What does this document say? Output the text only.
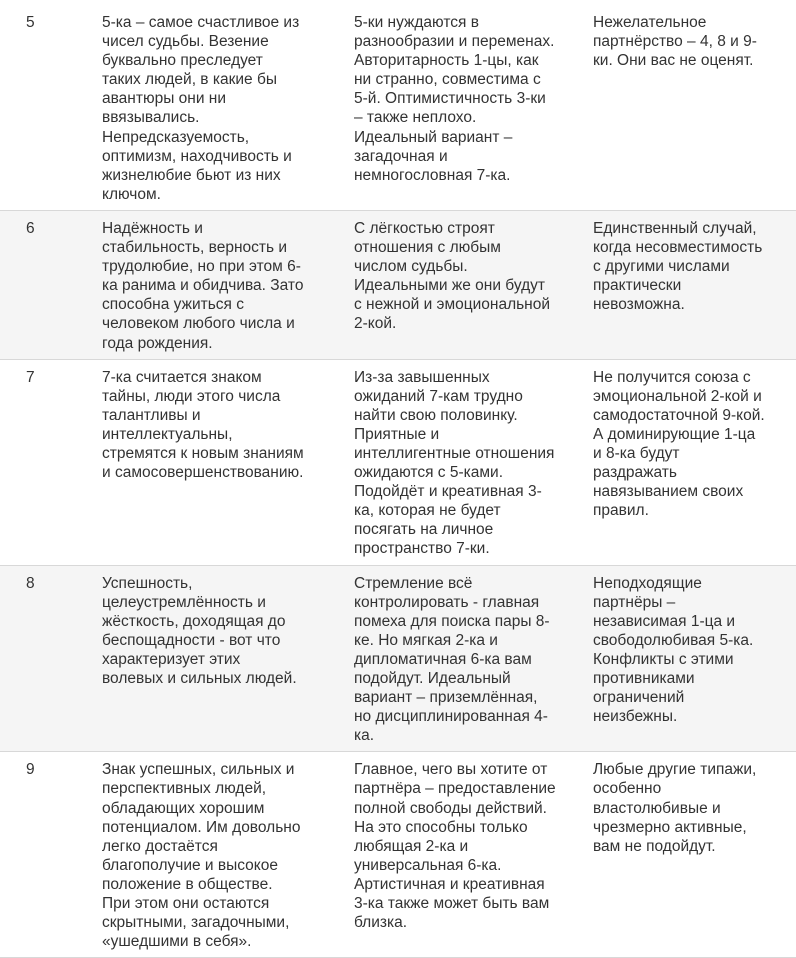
5	5-ка – самое счастливое из чисел судьбы. Везение буквально преследует таких людей, в какие бы авантюры они ни ввязывались. Непредсказуемость, оптимизм, находчивость и жизнелюбие бьют из них ключом.	5-ки нуждаются в разнообразии и переменах. Авторитарность 1-цы, как ни странно, совместима с 5-й. Оптимистичность 3-ки – также неплохо. Идеальный вариант – загадочная и немногословная 7-ка.	Нежелательное партнёрство – 4, 8 и 9-ки. Они вас не оценят.
6	Надёжность и стабильность, верность и трудолюбие, но при этом 6-ка ранима и обидчива. Зато способна ужиться с человеком любого числа и года рождения.	С лёгкостью строят отношения с любым числом судьбы. Идеальными же они будут с нежной и эмоциональной 2-кой.	Единственный случай, когда несовместимость с другими числами практически невозможна.
7	7-ка считается знаком тайны, люди этого числа талантливы и интеллектуальны, стремятся к новым знаниям и самосовершенствованию.	Из-за завышенных ожиданий 7-кам трудно найти свою половинку. Приятные и интеллигентные отношения ожидаются с 5-ками. Подойдёт и креативная 3-ка, которая не будет посягать на личное пространство 7-ки.	Не получится союза с эмоциональной 2-кой и самодостаточной 9-кой. А доминирующие 1-ца и 8-ка будут раздражать навязыванием своих правил.
8	Успешность, целеустремлённость и жёсткость, доходящая до беспощадности - вот что характеризует этих волевых и сильных людей.	Стремление всё контролировать - главная помеха для поиска пары 8-ке. Но мягкая 2-ка и дипломатичная 6-ка вам подойдут. Идеальный вариант – приземлённая, но дисциплинированная 4-ка.	Неподходящие партнёры – независимая 1-ца и свободолюбивая 5-ка. Конфликты с этими противниками ограничений неизбежны.
9	Знак успешных, сильных и перспективных людей, обладающих хорошим потенциалом. Им довольно легко достаётся благополучие и высокое положение в обществе. При этом они остаются скрытными, загадочными, «ушедшими в себя».	Главное, чего вы хотите от партнёра – предоставление полной свободы действий. На это способны только любящая 2-ка и универсальная 6-ка. Артистичная и креативная 3-ка также может быть вам близка.	Любые другие типажи, особенно властолюбивые и чрезмерно активные, вам не подойдут.
